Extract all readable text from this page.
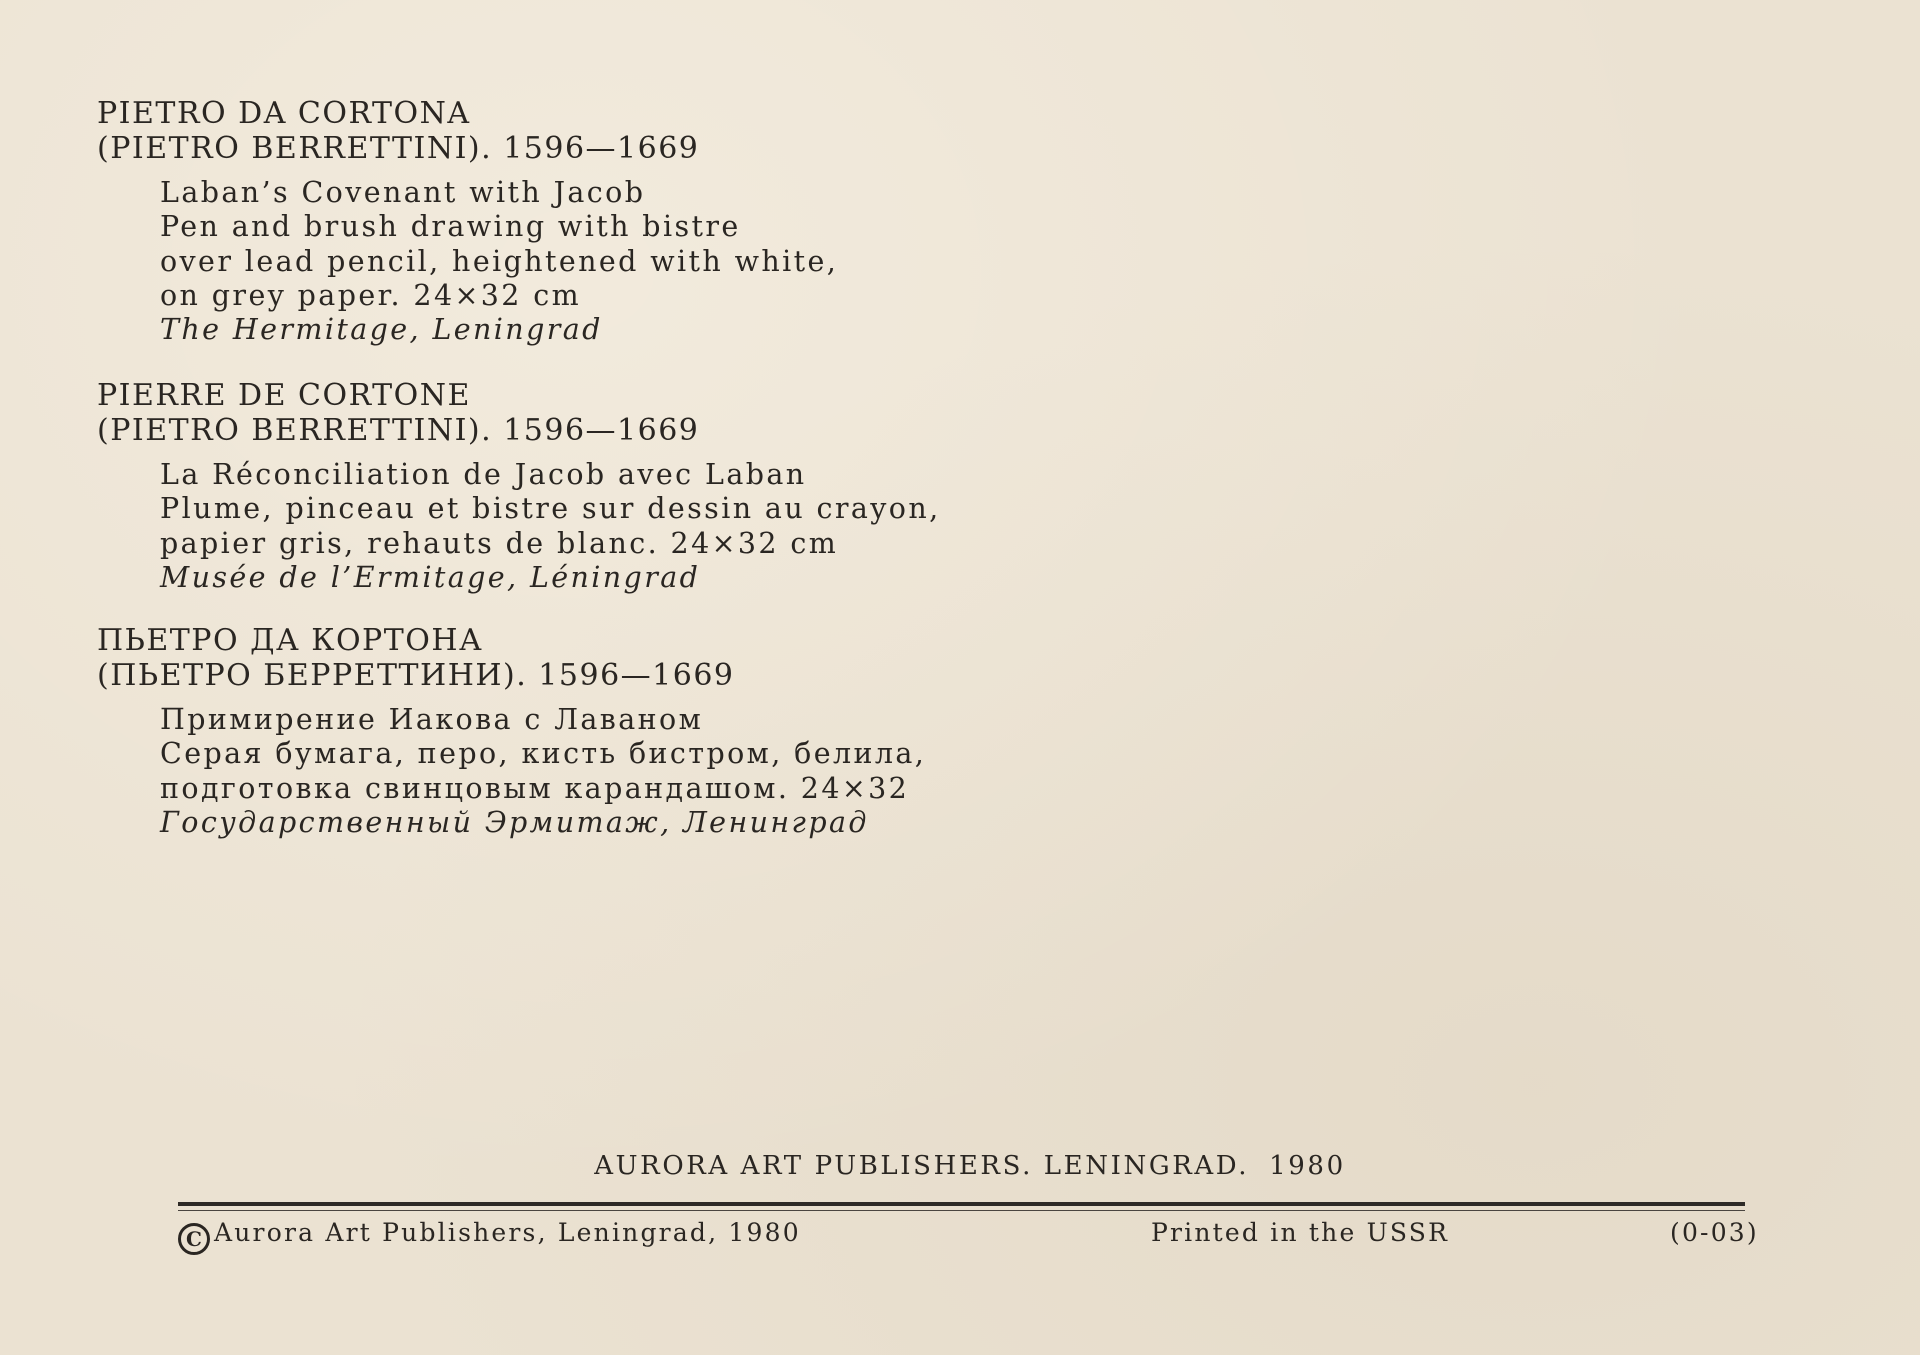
PIETRO DA CORTONA
(PIETRO BERRETTINI). 1596—1669
Laban’s Covenant with Jacob
Pen and brush drawing with bistre
over lead pencil, heightened with white,
on grey paper. 24×32 cm
The Hermitage, Leningrad
PIERRE DE CORTONE
(PIETRO BERRETTINI). 1596—1669
La Réconciliation de Jacob avec Laban
Plume, pinceau et bistre sur dessin au crayon,
papier gris, rehauts de blanc. 24×32 cm
Musée de l’Ermitage, Léningrad
ПЬЕТРО ДА КОРТОНА
(ПЬЕТРО БЕРРЕТТИНИ). 1596—1669
Примирение Иакова с Лаваном
Серая бумага, перо, кисть бистром, белила,
подготовка свинцовым карандашом. 24×32
Государственный Эрмитаж, Ленинград
AURORA ART PUBLISHERS. LENINGRAD. 1980
C Aurora Art Publishers, Leningrad, 1980	Printed in the USSR	(0-03)
